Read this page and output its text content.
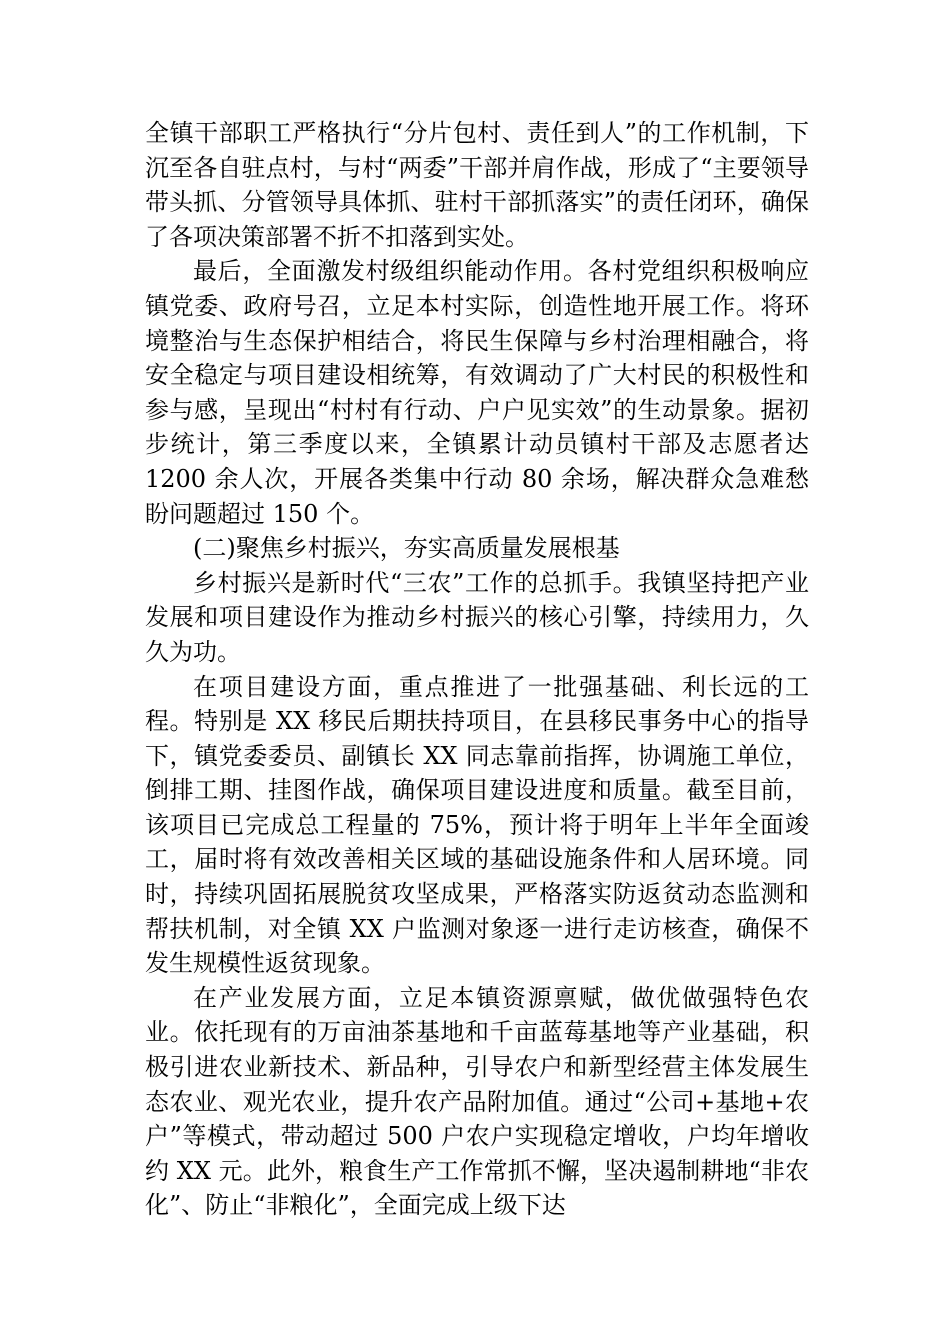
全镇干部职工严格执行“分片包村、责任到人”的工作机制，下沉至各自驻点村，与村“两委”干部并肩作战，形成了“主要领导带头抓、分管领导具体抓、驻村干部抓落实”的责任闭环，确保了各项决策部署不折不扣落到实处。

最后，全面激发村级组织能动作用。各村党组织积极响应镇党委、政府号召，立足本村实际，创造性地开展工作。将环境整治与生态保护相结合，将民生保障与乡村治理相融合，将安全稳定与项目建设相统筹，有效调动了广大村民的积极性和参与感，呈现出“村村有行动、户户见实效”的生动景象。据初步统计，第三季度以来，全镇累计动员镇村干部及志愿者达 1200 余人次，开展各类集中行动 80 余场，解决群众急难愁盼问题超过 150 个。

(二)聚焦乡村振兴，夯实高质量发展根基

乡村振兴是新时代“三农”工作的总抓手。我镇坚持把产业发展和项目建设作为推动乡村振兴的核心引擎，持续用力，久久为功。

在项目建设方面，重点推进了一批强基础、利长远的工程。特别是 XX 移民后期扶持项目，在县移民事务中心的指导下，镇党委委员、副镇长 XX 同志靠前指挥，协调施工单位，倒排工期、挂图作战，确保项目建设进度和质量。截至目前，该项目已完成总工程量的 75%，预计将于明年上半年全面竣工，届时将有效改善相关区域的基础设施条件和人居环境。同时，持续巩固拓展脱贫攻坚成果，严格落实防返贫动态监测和帮扶机制，对全镇 XX 户监测对象逐一进行走访核查，确保不发生规模性返贫现象。

在产业发展方面，立足本镇资源禀赋，做优做强特色农业。依托现有的万亩油茶基地和千亩蓝莓基地等产业基础，积极引进农业新技术、新品种，引导农户和新型经营主体发展生态农业、观光农业，提升农产品附加值。通过“公司+基地+农户”等模式，带动超过 500 户农户实现稳定增收，户均年增收约 XX 元。此外，粮食生产工作常抓不懈，坚决遏制耕地“非农化”、防止“非粮化”，全面完成上级下达
